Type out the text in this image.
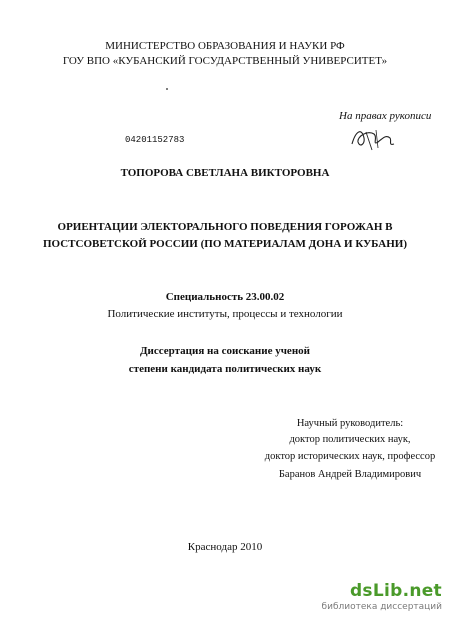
МИНИСТЕРСТВО ОБРАЗОВАНИЯ И НАУКИ РФ
ГОУ ВПО «КУБАНСКИЙ ГОСУДАРСТВЕННЫЙ УНИВЕРСИТЕТ»
На правах рукописи
04201152783
ТОПОРОВА СВЕТЛАНА ВИКТОРОВНА
ОРИЕНТАЦИИ ЭЛЕКТОРАЛЬНОГО ПОВЕДЕНИЯ ГОРОЖАН В
ПОСТСОВЕТСКОЙ РОССИИ (ПО МАТЕРИАЛАМ ДОНА И КУБАНИ)
Специальность 23.00.02
Политические институты, процессы и технологии
Диссертация на соискание ученой
степени кандидата политических наук
Научный руководитель:
доктор политических наук,
доктор исторических наук, профессор
Баранов Андрей Владимирович
Краснодар 2010
dsLib.net
библиотека диссертаций
